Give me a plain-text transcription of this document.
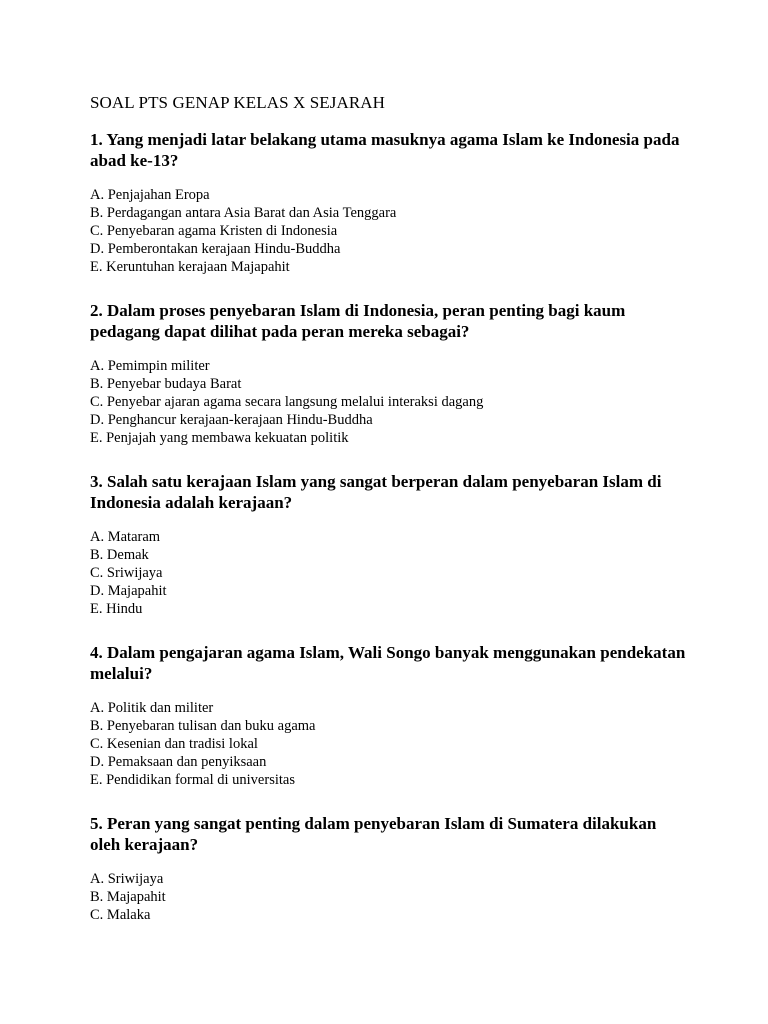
SOAL PTS GENAP KELAS X SEJARAH

1. Yang menjadi latar belakang utama masuknya agama Islam ke Indonesia pada abad ke-13?

A. Penjajahan Eropa
B. Perdagangan antara Asia Barat dan Asia Tenggara
C. Penyebaran agama Kristen di Indonesia
D. Pemberontakan kerajaan Hindu-Buddha
E. Keruntuhan kerajaan Majapahit

2. Dalam proses penyebaran Islam di Indonesia, peran penting bagi kaum pedagang dapat dilihat pada peran mereka sebagai?

A. Pemimpin militer
B. Penyebar budaya Barat
C. Penyebar ajaran agama secara langsung melalui interaksi dagang
D. Penghancur kerajaan-kerajaan Hindu-Buddha
E. Penjajah yang membawa kekuatan politik

3. Salah satu kerajaan Islam yang sangat berperan dalam penyebaran Islam di Indonesia adalah kerajaan?

A. Mataram
B. Demak
C. Sriwijaya
D. Majapahit
E. Hindu

4. Dalam pengajaran agama Islam, Wali Songo banyak menggunakan pendekatan melalui?

A. Politik dan militer
B. Penyebaran tulisan dan buku agama
C. Kesenian dan tradisi lokal
D. Pemaksaan dan penyiksaan
E. Pendidikan formal di universitas

5. Peran yang sangat penting dalam penyebaran Islam di Sumatera dilakukan oleh kerajaan?

A. Sriwijaya
B. Majapahit
C. Malaka
